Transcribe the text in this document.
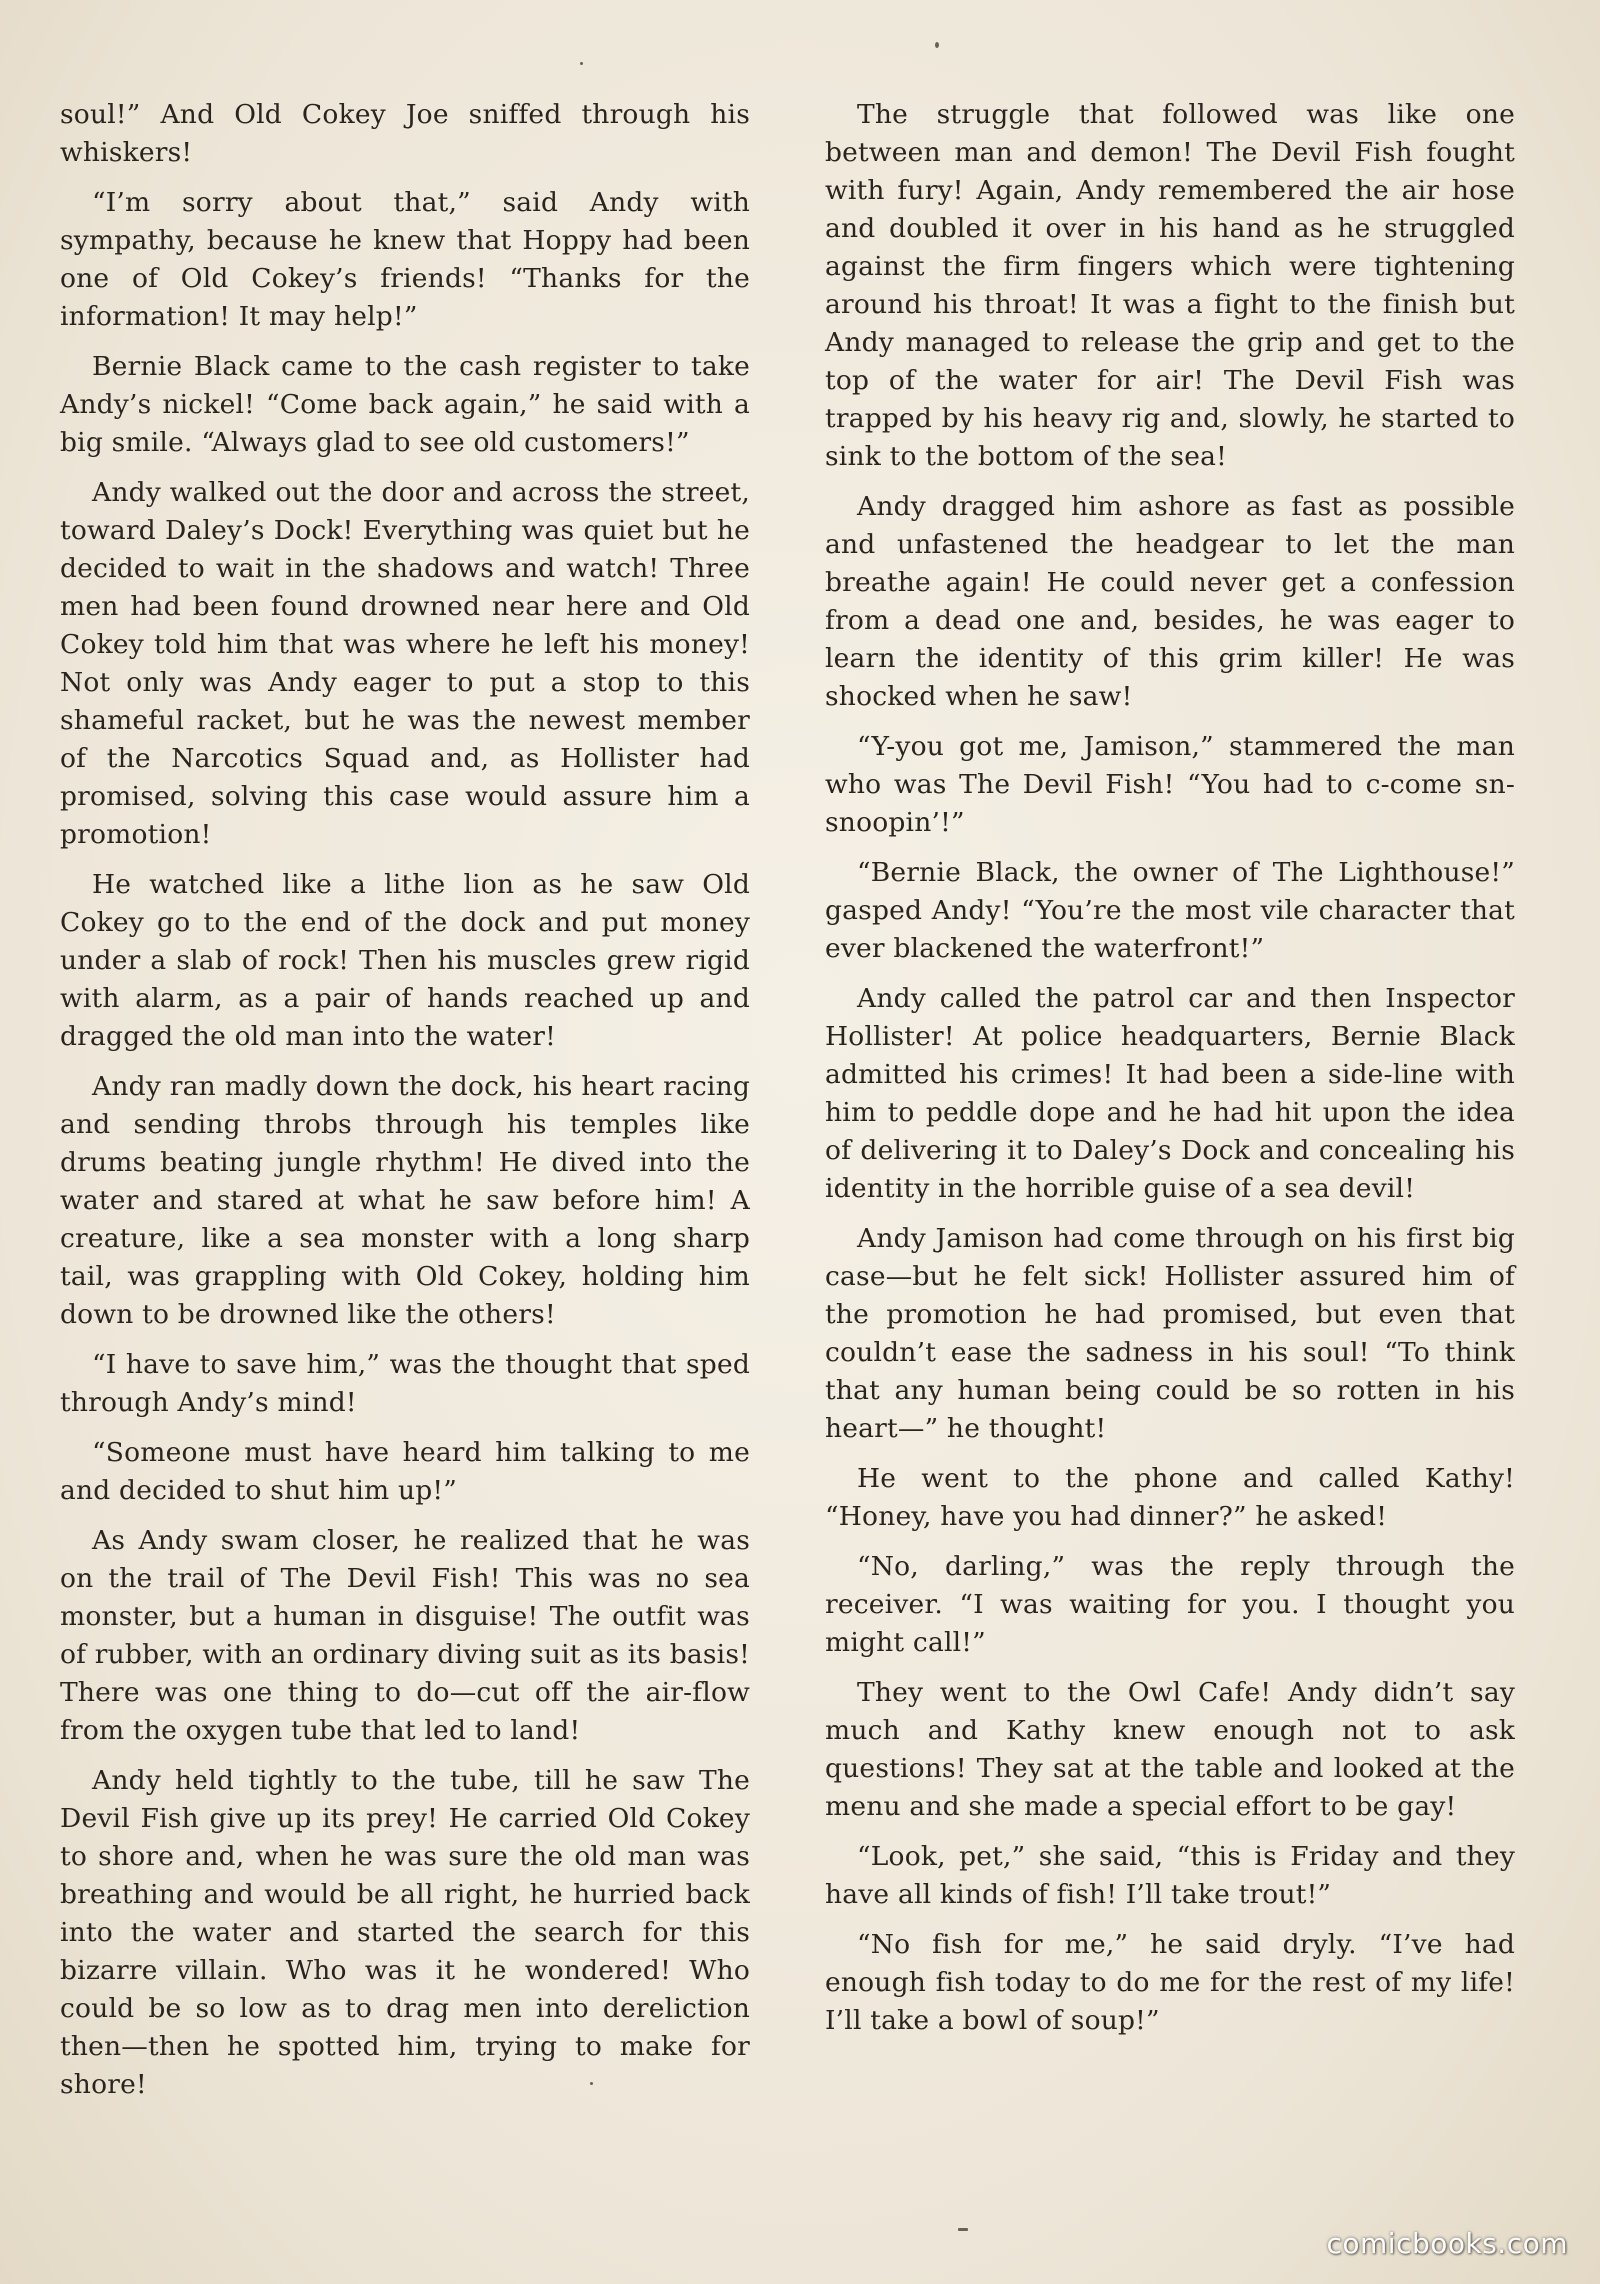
soul!” And Old Cokey Joe sniffed through his whiskers!

“I’m sorry about that,” said Andy with sympathy, because he knew that Hoppy had been one of Old Cokey’s friends! “Thanks for the information! It may help!”

Bernie Black came to the cash register to take Andy’s nickel! “Come back again,” he said with a big smile. “Always glad to see old customers!”

Andy walked out the door and across the street, toward Daley’s Dock! Everything was quiet but he decided to wait in the shadows and watch! Three men had been found drowned near here and Old Cokey told him that was where he left his money! Not only was Andy eager to put a stop to this shameful racket, but he was the newest member of the Narcotics Squad and, as Hollister had promised, solving this case would assure him a promotion!

He watched like a lithe lion as he saw Old Cokey go to the end of the dock and put money under a slab of rock! Then his muscles grew rigid with alarm, as a pair of hands reached up and dragged the old man into the water!

Andy ran madly down the dock, his heart racing and sending throbs through his temples like drums beating jungle rhythm! He dived into the water and stared at what he saw before him! A creature, like a sea monster with a long sharp tail, was grappling with Old Cokey, holding him down to be drowned like the others!

“I have to save him,” was the thought that sped through Andy’s mind!

“Someone must have heard him talking to me and decided to shut him up!”

As Andy swam closer, he realized that he was on the trail of The Devil Fish! This was no sea monster, but a human in disguise! The outfit was of rubber, with an ordinary diving suit as its basis! There was one thing to do—cut off the air-flow from the oxygen tube that led to land!

Andy held tightly to the tube, till he saw The Devil Fish give up its prey! He carried Old Cokey to shore and, when he was sure the old man was breathing and would be all right, he hurried back into the water and started the search for this bizarre villain. Who was it he wondered! Who could be so low as to drag men into dereliction then—then he spotted him, trying to make for shore!

The struggle that followed was like one between man and demon! The Devil Fish fought with fury! Again, Andy remembered the air hose and doubled it over in his hand as he struggled against the firm fingers which were tightening around his throat! It was a fight to the finish but Andy managed to release the grip and get to the top of the water for air! The Devil Fish was trapped by his heavy rig and, slowly, he started to sink to the bottom of the sea!

Andy dragged him ashore as fast as possible and unfastened the headgear to let the man breathe again! He could never get a confession from a dead one and, besides, he was eager to learn the identity of this grim killer! He was shocked when he saw!

“Y-you got me, Jamison,” stammered the man who was The Devil Fish! “You had to c-come sn-snoopin’!”

“Bernie Black, the owner of The Lighthouse!” gasped Andy! “You’re the most vile character that ever blackened the waterfront!”

Andy called the patrol car and then Inspector Hollister! At police headquarters, Bernie Black admitted his crimes! It had been a side-line with him to peddle dope and he had hit upon the idea of delivering it to Daley’s Dock and concealing his identity in the horrible guise of a sea devil!

Andy Jamison had come through on his first big case—but he felt sick! Hollister assured him of the promotion he had promised, but even that couldn’t ease the sadness in his soul! “To think that any human being could be so rotten in his heart—” he thought!

He went to the phone and called Kathy! “Honey, have you had dinner?” he asked!

“No, darling,” was the reply through the receiver. “I was waiting for you. I thought you might call!”

They went to the Owl Cafe! Andy didn’t say much and Kathy knew enough not to ask questions! They sat at the table and looked at the menu and she made a special effort to be gay!

“Look, pet,” she said, “this is Friday and they have all kinds of fish! I’ll take trout!”

“No fish for me,” he said dryly. “I’ve had enough fish today to do me for the rest of my life! I’ll take a bowl of soup!”

comicbooks.com
